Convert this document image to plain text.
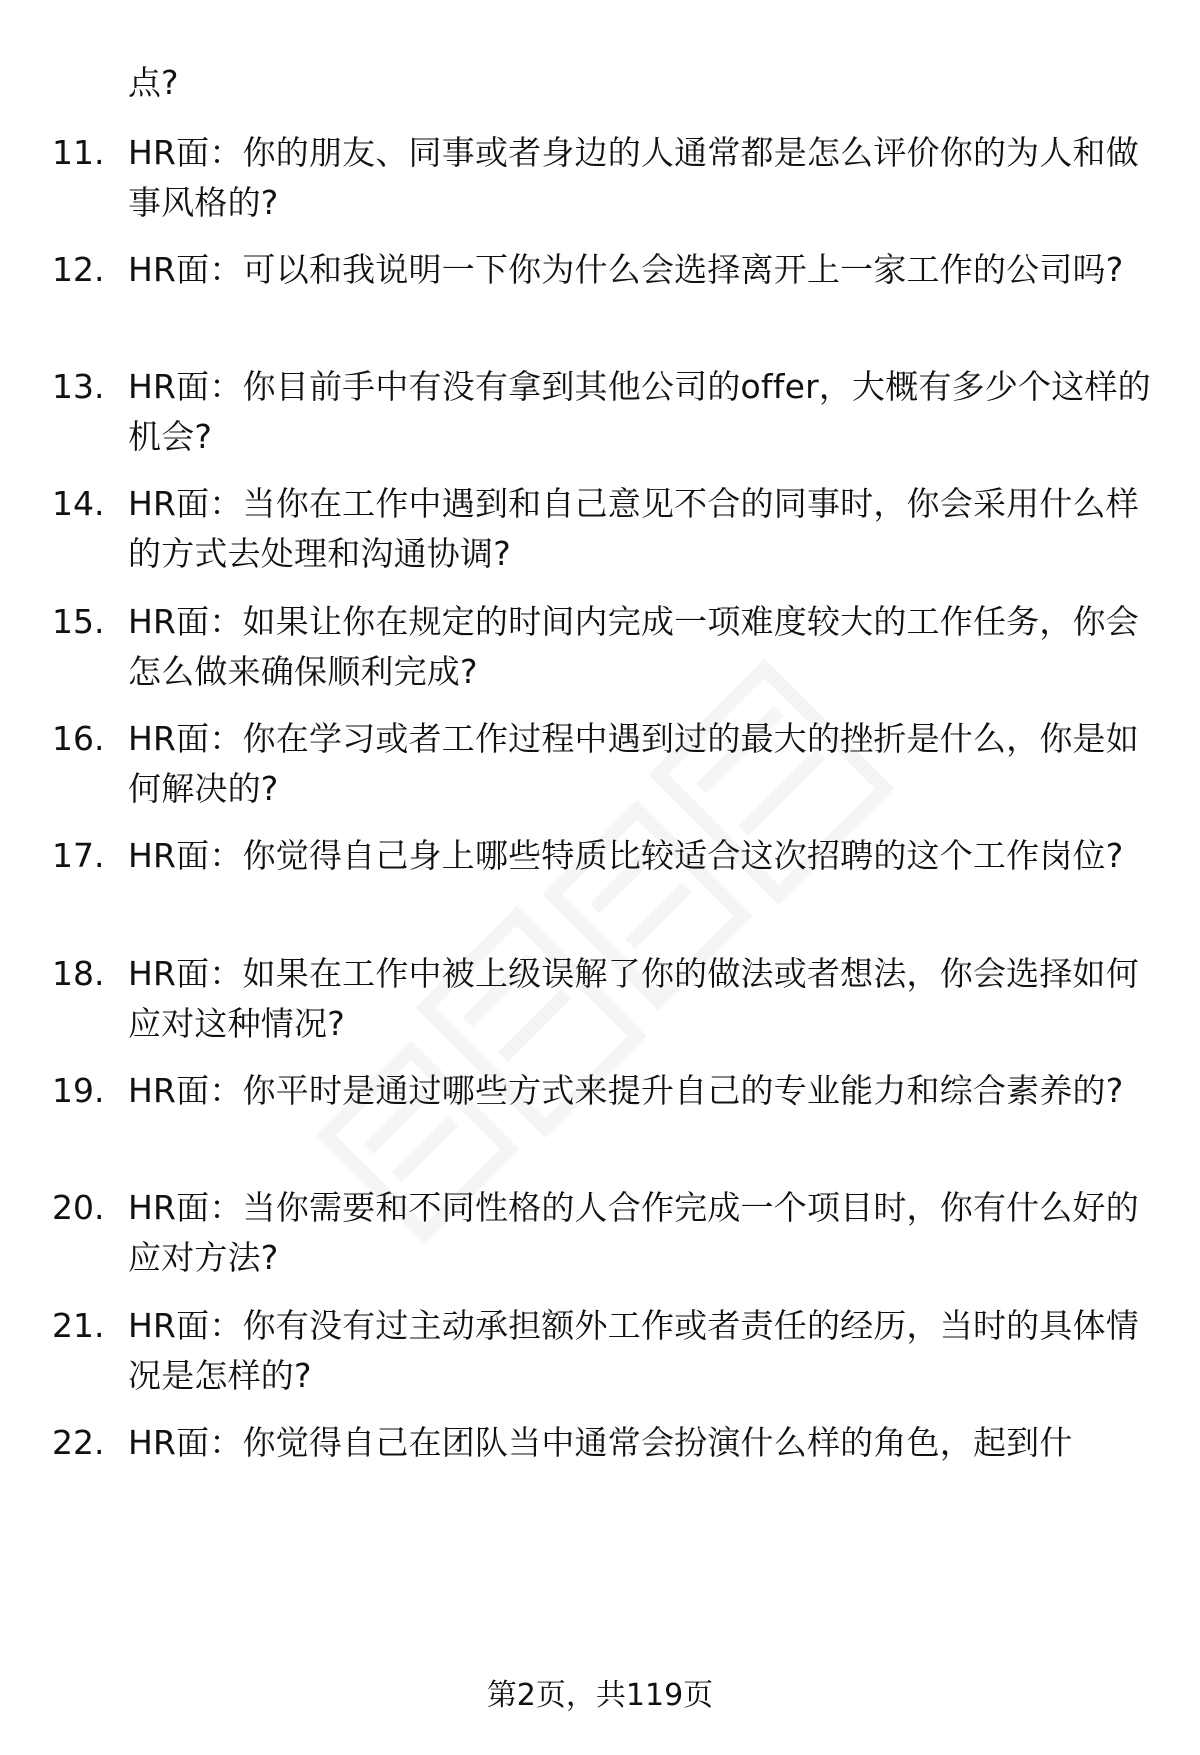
点?
11. HR面：你的朋友、同事或者身边的人通常都是怎么评价你的为人和做事风格的?
12. HR面：可以和我说明一下你为什么会选择离开上一家工作的公司吗?
13. HR面：你目前手中有没有拿到其他公司的offer，大概有多少个这样的机会?
14. HR面：当你在工作中遇到和自己意见不合的同事时，你会采用什么样的方式去处理和沟通协调?
15. HR面：如果让你在规定的时间内完成一项难度较大的工作任务，你会怎么做来确保顺利完成?
16. HR面：你在学习或者工作过程中遇到过的最大的挫折是什么，你是如何解决的?
17. HR面：你觉得自己身上哪些特质比较适合这次招聘的这个工作岗位?
18. HR面：如果在工作中被上级误解了你的做法或者想法，你会选择如何应对这种情况?
19. HR面：你平时是通过哪些方式来提升自己的专业能力和综合素养的?
20. HR面：当你需要和不同性格的人合作完成一个项目时，你有什么好的应对方法?
21. HR面：你有没有过主动承担额外工作或者责任的经历，当时的具体情况是怎样的?
22. HR面：你觉得自己在团队当中通常会扮演什么样的角色，起到什
第2页，共119页
